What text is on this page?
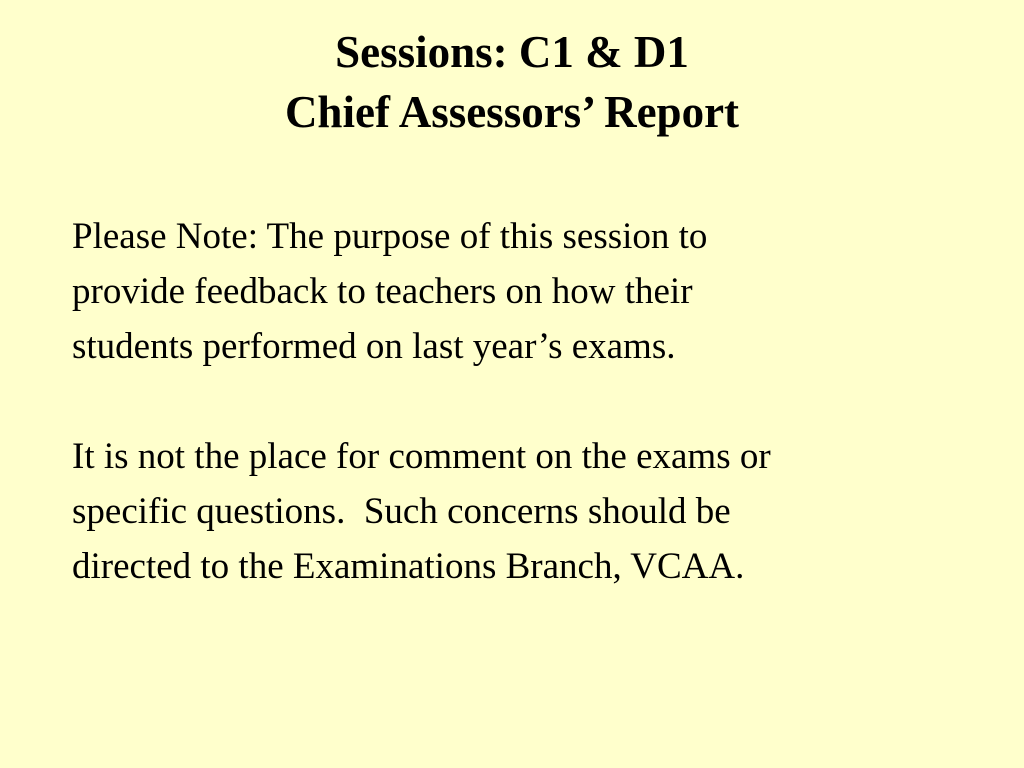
Sessions: C1 & D1
Chief Assessors’ Report

Please Note: The purpose of this session to
provide feedback to teachers on how their
students performed on last year’s exams.

It is not the place for comment on the exams or
specific questions.  Such concerns should be
directed to the Examinations Branch, VCAA.
